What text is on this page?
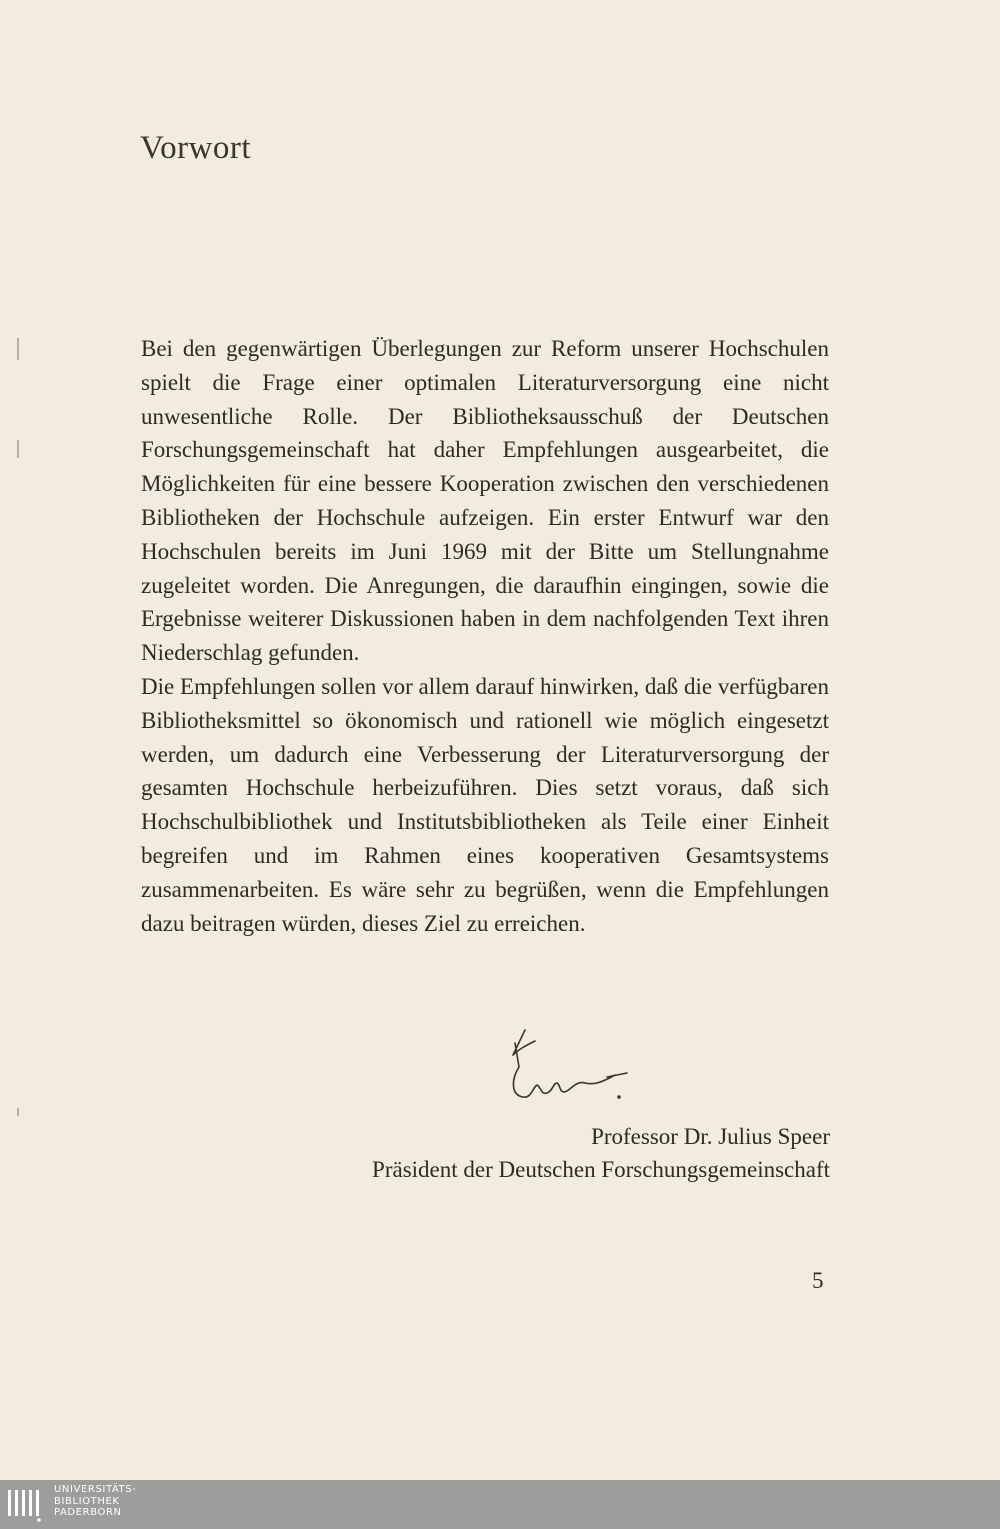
Vorwort

Bei den gegenwärtigen Überlegungen zur Reform unserer Hochschulen spielt die Frage einer optimalen Literaturversorgung eine nicht unwesentliche Rolle. Der Bibliotheksausschuß der Deutschen Forschungsgemeinschaft hat daher Empfehlungen ausgearbeitet, die Möglichkeiten für eine bessere Kooperation zwischen den verschiedenen Bibliotheken der Hochschule aufzeigen. Ein erster Entwurf war den Hochschulen bereits im Juni 1969 mit der Bitte um Stellungnahme zugeleitet worden. Die Anregungen, die daraufhin eingingen, sowie die Ergebnisse weiterer Diskussionen haben in dem nachfolgenden Text ihren Niederschlag gefunden.

Die Empfehlungen sollen vor allem darauf hinwirken, daß die verfügbaren Bibliotheksmittel so ökonomisch und rationell wie möglich eingesetzt werden, um dadurch eine Verbesserung der Literaturversorgung der gesamten Hochschule herbeizuführen. Dies setzt voraus, daß sich Hochschulbibliothek und Institutsbibliotheken als Teile einer Einheit begreifen und im Rahmen eines kooperativen Gesamtsystems zusammenarbeiten. Es wäre sehr zu begrüßen, wenn die Empfehlungen dazu beitragen würden, dieses Ziel zu erreichen.

Professor Dr. Julius Speer
Präsident der Deutschen Forschungsgemeinschaft
5
UNIVERSITÄTS-
BIBLIOTHEK
PADERBORN
